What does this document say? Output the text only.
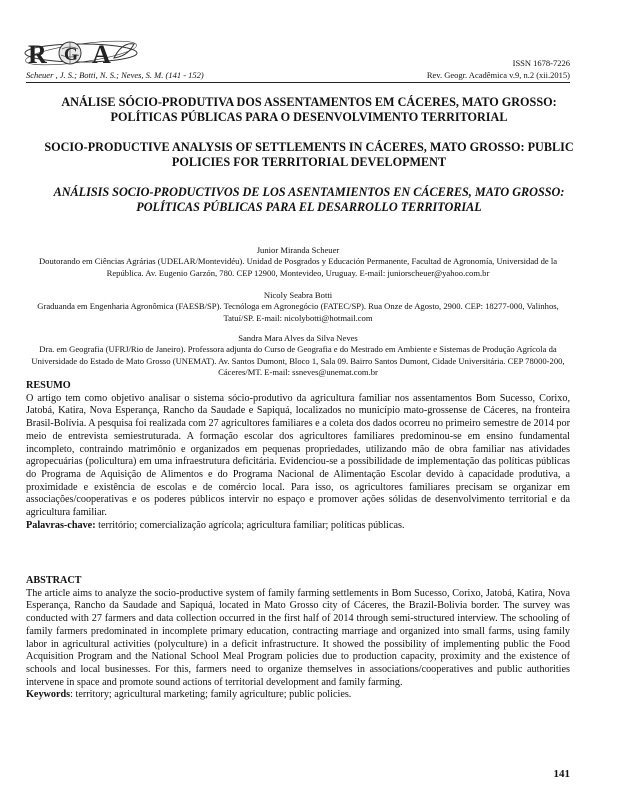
R G A	ISSN 1678-7226
Scheuer , J. S.; Botti, N. S.; Neves, S. M. (141 - 152)	Rev. Geogr. Acadêmica v.9, n.2 (xii.2015)
ANÁLISE SÓCIO-PRODUTIVA DOS ASSENTAMENTOS EM CÁCERES, MATO GROSSO: POLÍTICAS PÚBLICAS PARA O DESENVOLVIMENTO TERRITORIAL
SOCIO-PRODUCTIVE ANALYSIS OF SETTLEMENTS IN CÁCERES, MATO GROSSO: PUBLIC POLICIES FOR TERRITORIAL DEVELOPMENT
ANÁLISIS SOCIO-PRODUCTIVOS DE LOS ASENTAMIENTOS EN CÁCERES, MATO GROSSO: POLÍTICAS PÚBLICAS PARA EL DESARROLLO TERRITORIAL
Junior Miranda Scheuer
Doutorando em Ciências Agrárias (UDELAR/Montevidéu). Unidad de Posgrados y Educación Permanente, Facultad de Agronomía, Universidad de la República. Av. Eugenio Garzón, 780. CEP 12900, Montevideo, Uruguay. E-mail: juniorscheuer@yahoo.com.br
Nicoly Seabra Botti
Graduanda em Engenharia Agronômica (FAESB/SP). Tecnóloga em Agronegócio (FATEC/SP). Rua Onze de Agosto, 2900. CEP: 18277-000, Valinhos, Tatuí/SP. E-mail: nicolybotti@hotmail.com
Sandra Mara Alves da Silva Neves
Dra. em Geografia (UFRJ/Rio de Janeiro). Professora adjunta do Curso de Geografia e do Mestrado em Ambiente e Sistemas de Produção Agrícola da Universidade do Estado de Mato Grosso (UNEMAT). Av. Santos Dumont, Bloco 1, Sala 09. Bairro Santos Dumont, Cidade Universitária. CEP 78000-200, Cáceres/MT. E-mail: ssneves@unemat.com.br
RESUMO
O artigo tem como objetivo analisar o sistema sócio-produtivo da agricultura familiar nos assentamentos Bom Sucesso, Corixo, Jatobá, Katira, Nova Esperança, Rancho da Saudade e Sapiquá, localizados no município mato-grossense de Cáceres, na fronteira Brasil-Bolívia. A pesquisa foi realizada com 27 agricultores familiares e a coleta dos dados ocorreu no primeiro semestre de 2014 por meio de entrevista semiestruturada. A formação escolar dos agricultores familiares predominou-se em ensino fundamental incompleto, contraindo matrimônio e organizados em pequenas propriedades, utilizando mão de obra familiar nas atividades agropecuárias (policultura) em uma infraestrutura deficitária. Evidenciou-se a possibilidade de implementação das políticas públicas do Programa de Aquisição de Alimentos e do Programa Nacional de Alimentação Escolar devido à capacidade produtiva, a proximidade e existência de escolas e de comércio local. Para isso, os agricultores familiares precisam se organizar em associações/cooperativas e os poderes públicos intervir no espaço e promover ações sólidas de desenvolvimento territorial e da agricultura familiar.
Palavras-chave: território; comercialização agrícola; agricultura familiar; políticas públicas.
ABSTRACT
The article aims to analyze the socio-productive system of family farming settlements in Bom Sucesso, Corixo, Jatobá, Katira, Nova Esperança, Rancho da Saudade and Sapiquá, located in Mato Grosso city of Cáceres, the Brazil-Bolivia border. The survey was conducted with 27 farmers and data collection occurred in the first half of 2014 through semi-structured interview. The schooling of family farmers predominated in incomplete primary education, contracting marriage and organized into small farms, using family labor in agricultural activities (polyculture) in a deficit infrastructure. It showed the possibility of implementing public the Food Acquisition Program and the National School Meal Program policies due to production capacity, proximity and the existence of schools and local businesses. For this, farmers need to organize themselves in associations/cooperatives and public authorities intervene in space and promote sound actions of territorial development and family farming.
Keywords: territory; agricultural marketing; family agriculture; public policies.
141
